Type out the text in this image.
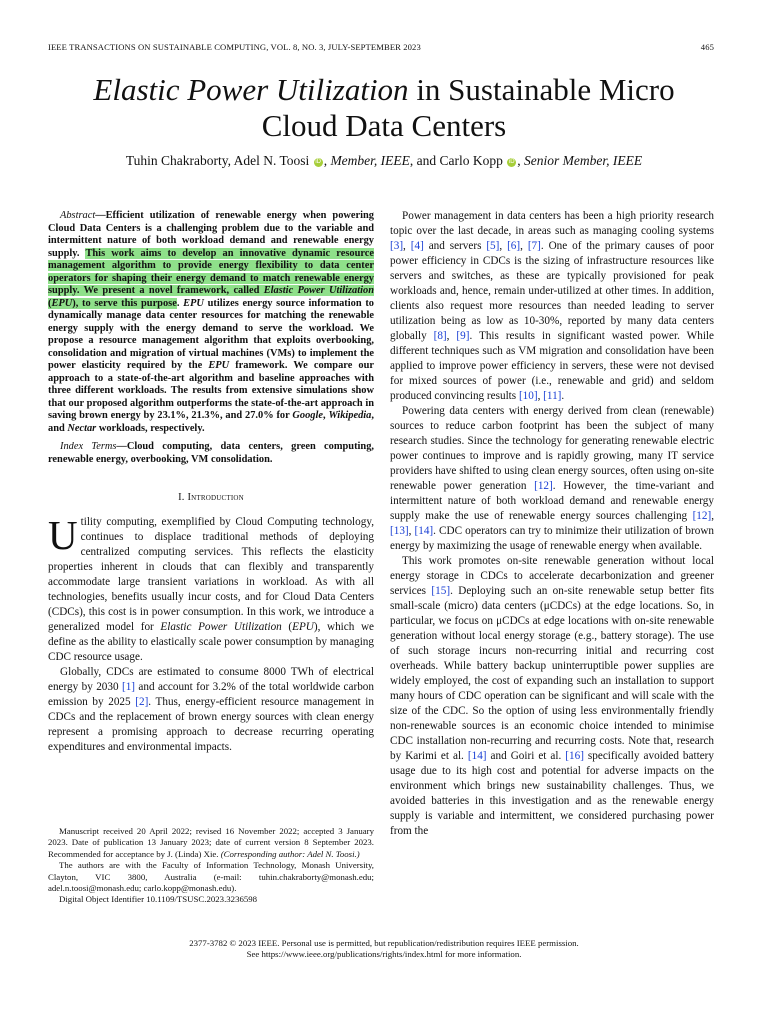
IEEE TRANSACTIONS ON SUSTAINABLE COMPUTING, VOL. 8, NO. 3, JULY-SEPTEMBER 2023	465
Elastic Power Utilization in Sustainable Micro
Cloud Data Centers
Tuhin Chakraborty, Adel N. Toosi iD , Member, IEEE, and Carlo Kopp iD , Senior Member, IEEE

Abstract—Efficient utilization of renewable energy when powering Cloud Data Centers is a challenging problem due to the variable and intermittent nature of both workload demand and renewable energy supply. This work aims to develop an innovative dynamic resource management algorithm to provide energy flexibility to data center operators for shaping their energy demand to match renewable energy supply. We present a novel framework, called Elastic Power Utilization (EPU), to serve this purpose. EPU utilizes energy source information to dynamically manage data center resources for matching the renewable energy supply with the energy demand to serve the workload. We propose a resource management algorithm that exploits overbooking, consolidation and migration of virtual machines (VMs) to implement the power elasticity required by the EPU framework. We compare our approach to a state-of-the-art algorithm and baseline approaches with three different workloads. The results from extensive simulations show that our proposed algorithm outperforms the state-of-the-art approach in saving brown energy by 23.1%, 21.3%, and 27.0% for Google, Wikipedia, and Nectar workloads, respectively.

Index Terms—Cloud computing, data centers, green computing, renewable energy, overbooking, VM consolidation.

I. Introduction

Utility computing, exemplified by Cloud Computing technology, continues to displace traditional methods of deploying centralized computing services. This reflects the elasticity properties inherent in clouds that can flexibly and transparently accommodate large transient variations in workload. As with all technologies, benefits usually incur costs, and for Cloud Data Centers (CDCs), this cost is in power consumption. In this work, we introduce a generalized model for Elastic Power Utilization (EPU), which we define as the ability to elastically scale power consumption by managing CDC resource usage.

Globally, CDCs are estimated to consume 8000 TWh of electrical energy by 2030 [1] and account for 3.2% of the total worldwide carbon emission by 2025 [2]. Thus, energy-efficient resource management in CDCs and the replacement of brown energy sources with clean energy represent a promising approach to decrease recurring operating expenditures and environmental impacts.

Manuscript received 20 April 2022; revised 16 November 2022; accepted 3 January 2023. Date of publication 13 January 2023; date of current version 8 September 2023. Recommended for acceptance by J. (Linda) Xie. (Corresponding author: Adel N. Toosi.)

The authors are with the Faculty of Information Technology, Monash University, Clayton, VIC 3800, Australia (e-mail: tuhin.chakraborty@monash.edu; adel.n.toosi@monash.edu; carlo.kopp@monash.edu).

Digital Object Identifier 10.1109/TSUSC.2023.3236598

Power management in data centers has been a high priority research topic over the last decade, in areas such as managing cooling systems [3], [4] and servers [5], [6], [7]. One of the primary causes of poor power efficiency in CDCs is the sizing of infrastructure resources like servers and switches, as these are typically provisioned for peak workloads and, hence, remain under-utilized at other times. In addition, clients also request more resources than needed leading to server utilization being as low as 10-30%, reported by many data centers globally [8], [9]. This results in significant wasted power. While different techniques such as VM migration and consolidation have been applied to improve power efficiency in servers, these were not devised for mixed sources of power (i.e., renewable and grid) and seldom produced convincing results [10], [11].

Powering data centers with energy derived from clean (renewable) sources to reduce carbon footprint has been the subject of many research studies. Since the technology for generating renewable electric power continues to improve and is rapidly growing, many IT service providers have shifted to using clean energy sources, often using on-site renewable power generation [12]. However, the time-variant and intermittent nature of both workload demand and renewable energy supply make the use of renewable energy sources challenging [12], [13], [14]. CDC operators can try to minimize their utilization of brown energy by maximizing the usage of renewable energy when available.

This work promotes on-site renewable generation without local energy storage in CDCs to accelerate decarbonization and greener services [15]. Deploying such an on-site renewable setup better fits small-scale (micro) data centers (μCDCs) at the edge locations. So, in particular, we focus on μCDCs at edge locations with on-site renewable generation without local energy storage (e.g., battery storage). The use of such storage incurs non-recurring initial and recurring cost overheads. While battery backup uninterruptible power supplies are widely employed, the cost of expanding such an installation to support many hours of CDC operation can be significant and will scale with the size of the CDC. So the option of using less environmentally friendly non-renewable sources is an economic choice intended to minimise CDC installation non-recurring and recurring costs. Note that, research by Karimi et al. [14] and Goiri et al. [16] specifically avoided battery usage due to its high cost and potential for adverse impacts on the environment which brings new sustainability challenges. Thus, we avoided batteries in this investigation and as the renewable energy supply is variable and intermittent, we considered purchasing power from the

2377-3782 © 2023 IEEE. Personal use is permitted, but republication/redistribution requires IEEE permission.
See https://www.ieee.org/publications/rights/index.html for more information.
